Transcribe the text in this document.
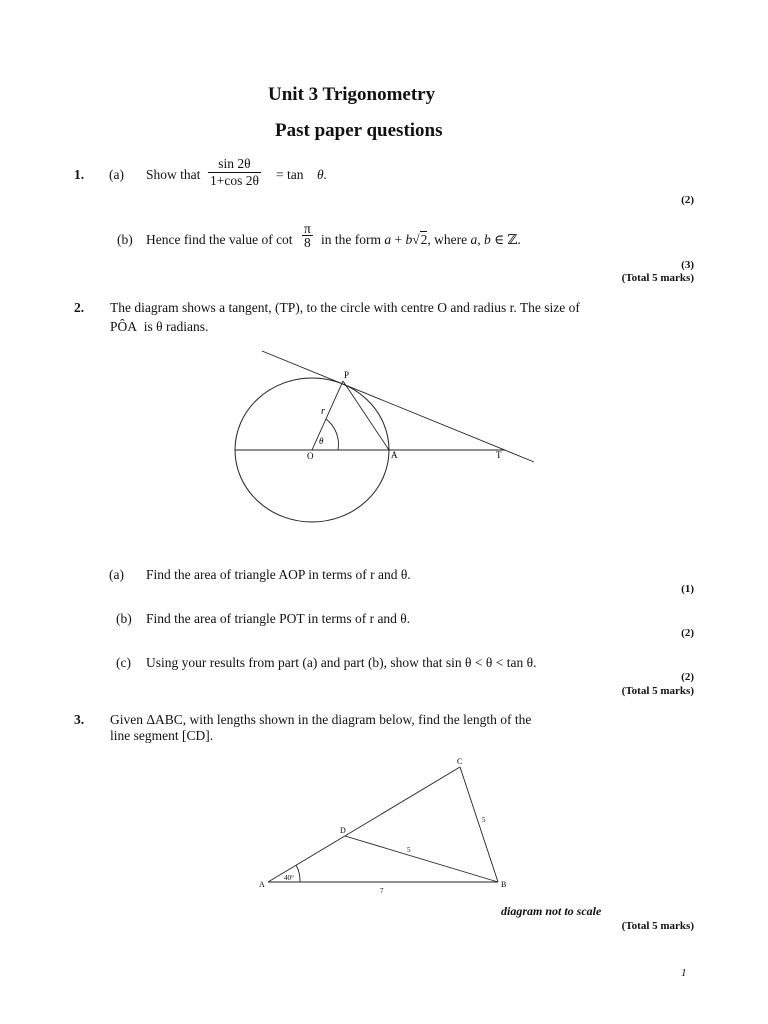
Unit 3 Trigonometry
Past paper questions
1. (a) Show that $\frac{\sin 2\theta}{1+\cos 2\theta} = \tan \theta$.
(2)
(b) Hence find the value of $\cot \frac{\pi}{8}$ in the form a + b√2, where a, b ∈ ℤ.
(3)
(Total 5 marks)
2. The diagram shows a tangent, (TP), to the circle with centre O and radius r. The size of
PÔA is θ radians.
P
r
θ
O	A	T
(a) Find the area of triangle AOP in terms of r and θ.
(1)
(b) Find the area of triangle POT in terms of r and θ.
(2)
(c) Using your results from part (a) and part (b), show that sin θ < θ < tan θ.
(2)
(Total 5 marks)
3. Given ΔABC, with lengths shown in the diagram below, find the length of the
line segment [CD].
A	B
C
D
40°
7
5
5
diagram not to scale
(Total 5 marks)
1
